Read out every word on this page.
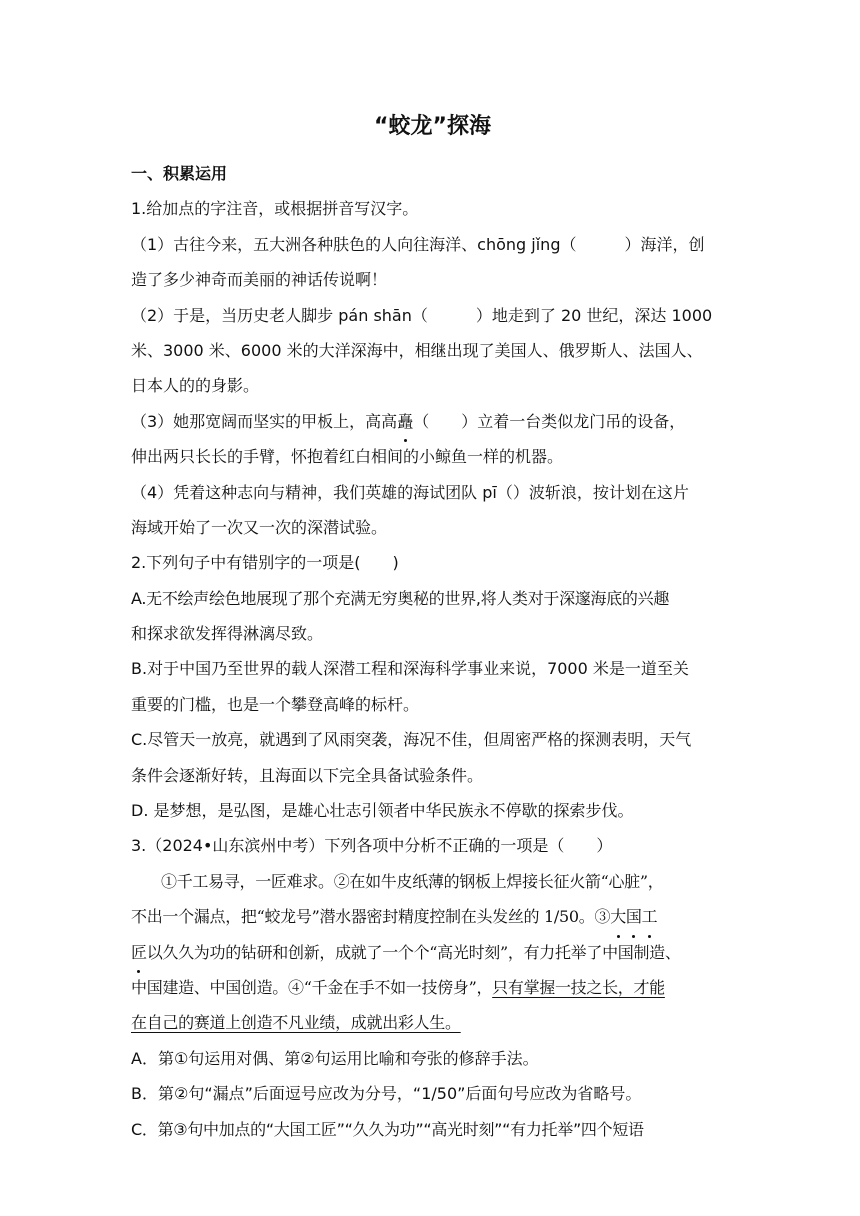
“蛟龙”探海
一、积累运用
1.给加点的字注音，或根据拼音写汉字。
（1）古往今来，五大洲各种肤色的人向往海洋、chōng jǐng（　　　）海洋，创
造了多少神奇而美丽的神话传说啊！
（2）于是，当历史老人脚步 pán shān（　　　）地走到了 20 世纪，深达 1000
米、3000 米、6000 米的大洋深海中，相继出现了美国人、俄罗斯人、法国人、
日本人的的身影。
（3）她那宽阔而坚实的甲板上，高高矗（　　）立着一台类似龙门吊的设备，
伸出两只长长的手臂，怀抱着红白相间的小鲸鱼一样的机器。
（4）凭着这种志向与精神，我们英雄的海试团队 pī（）波斩浪，按计划在这片
海域开始了一次又一次的深潜试验。
2.下列句子中有错别字的一项是(　　)
A.无不绘声绘色地展现了那个充满无穷奥秘的世界,将人类对于深邃海底的兴趣
和探求欲发挥得淋漓尽致。
B.对于中国乃至世界的载人深潜工程和深海科学事业来说，7000 米是一道至关
重要的门槛，也是一个攀登高峰的标杆。
C.尽管天一放亮，就遇到了风雨突袭，海况不佳，但周密严格的探测表明，天气
条件会逐渐好转，且海面以下完全具备试验条件。
D. 是梦想，是弘图，是雄心壮志引领者中华民族永不停歇的探索步伐。
3.（2024•山东滨州中考）下列各项中分析不正确的一项是（　　）
①千工易寻，一匠难求。②在如牛皮纸薄的钢板上焊接长征火箭“心脏”，
不出一个漏点，把“蛟龙号”潜水器密封精度控制在头发丝的 1/50。③大国工
匠以久久为功的钻研和创新，成就了一个个“高光时刻”，有力托举了中国制造、
中国建造、中国创造。④“千金在手不如一技傍身”，只有掌握一技之长，才能
在自己的赛道上创造不凡业绩，成就出彩人生。
A．第①句运用对偶、第②句运用比喻和夸张的修辞手法。
B．第②句“漏点”后面逗号应改为分号，“1/50”后面句号应改为省略号。
C．第③句中加点的“大国工匠”“久久为功”“高光时刻”“有力托举”四个短语
